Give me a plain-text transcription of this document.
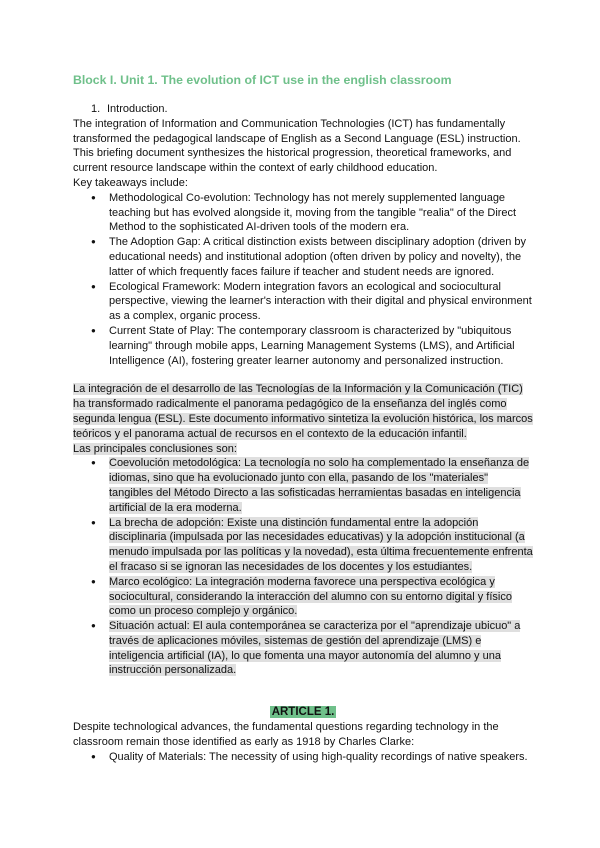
Block I. Unit 1. The evolution of ICT use in the english classroom
1. Introduction.

The integration of Information and Communication Technologies (ICT) has fundamentally transformed the pedagogical landscape of English as a Second Language (ESL) instruction. This briefing document synthesizes the historical progression, theoretical frameworks, and current resource landscape within the context of early childhood education.

Key takeaways include:

● Methodological Co-evolution: Technology has not merely supplemented language teaching but has evolved alongside it, moving from the tangible "realia" of the Direct Method to the sophisticated AI-driven tools of the modern era.
● The Adoption Gap: A critical distinction exists between disciplinary adoption (driven by educational needs) and institutional adoption (often driven by policy and novelty), the latter of which frequently faces failure if teacher and student needs are ignored.
● Ecological Framework: Modern integration favors an ecological and sociocultural perspective, viewing the learner's interaction with their digital and physical environment as a complex, organic process.
● Current State of Play: The contemporary classroom is characterized by "ubiquitous learning" through mobile apps, Learning Management Systems (LMS), and Artificial Intelligence (AI), fostering greater learner autonomy and personalized instruction.

La integración de el desarrollo de las Tecnologías de la Información y la Comunicación (TIC) ha transformado radicalmente el panorama pedagógico de la enseñanza del inglés como segunda lengua (ESL). Este documento informativo sintetiza la evolución histórica, los marcos teóricos y el panorama actual de recursos en el contexto de la educación infantil.

Las principales conclusiones son:

● Coevolución metodológica: La tecnología no solo ha complementado la enseñanza de idiomas, sino que ha evolucionado junto con ella, pasando de los "materiales" tangibles del Método Directo a las sofisticadas herramientas basadas en inteligencia artificial de la era moderna.
● La brecha de adopción: Existe una distinción fundamental entre la adopción disciplinaria (impulsada por las necesidades educativas) y la adopción institucional (a menudo impulsada por las políticas y la novedad), esta última frecuentemente enfrenta el fracaso si se ignoran las necesidades de los docentes y los estudiantes.
● Marco ecológico: La integración moderna favorece una perspectiva ecológica y sociocultural, considerando la interacción del alumno con su entorno digital y físico como un proceso complejo y orgánico.
● Situación actual: El aula contemporánea se caracteriza por el "aprendizaje ubicuo" a través de aplicaciones móviles, sistemas de gestión del aprendizaje (LMS) e inteligencia artificial (IA), lo que fomenta una mayor autonomía del alumno y una instrucción personalizada.
ARTICLE 1.

Despite technological advances, the fundamental questions regarding technology in the classroom remain those identified as early as 1918 by Charles Clarke:

● Quality of Materials: The necessity of using high-quality recordings of native speakers.
